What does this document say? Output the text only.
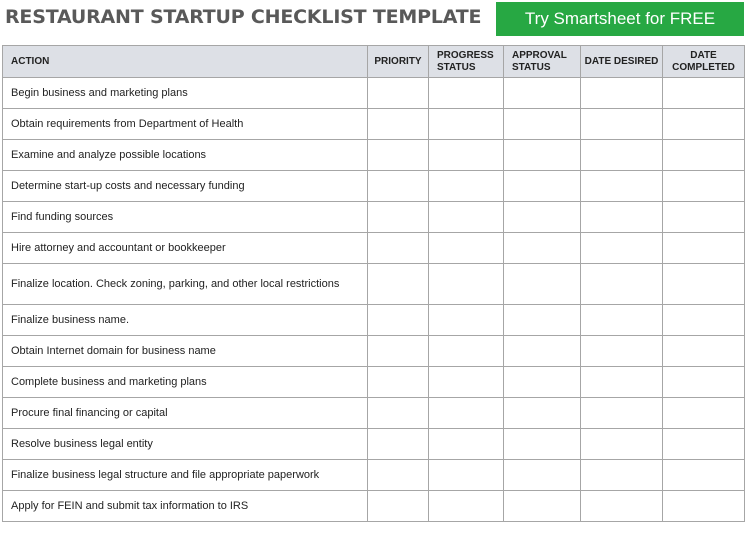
RESTAURANT STARTUP CHECKLIST TEMPLATE	Try Smartsheet for FREE
ACTION	PRIORITY	PROGRESS STATUS	APPROVAL STATUS	DATE DESIRED	DATE COMPLETED
Begin business and marketing plans					
Obtain requirements from Department of Health					
Examine and analyze possible locations					
Determine start-up costs and necessary funding					
Find funding sources					
Hire attorney and accountant or bookkeeper					
Finalize location. Check zoning, parking, and other local restrictions					
Finalize business name.					
Obtain Internet domain for business name					
Complete business and marketing plans					
Procure final financing or capital					
Resolve business legal entity					
Finalize business legal structure and file appropriate paperwork					
Apply for FEIN and submit tax information to IRS					
